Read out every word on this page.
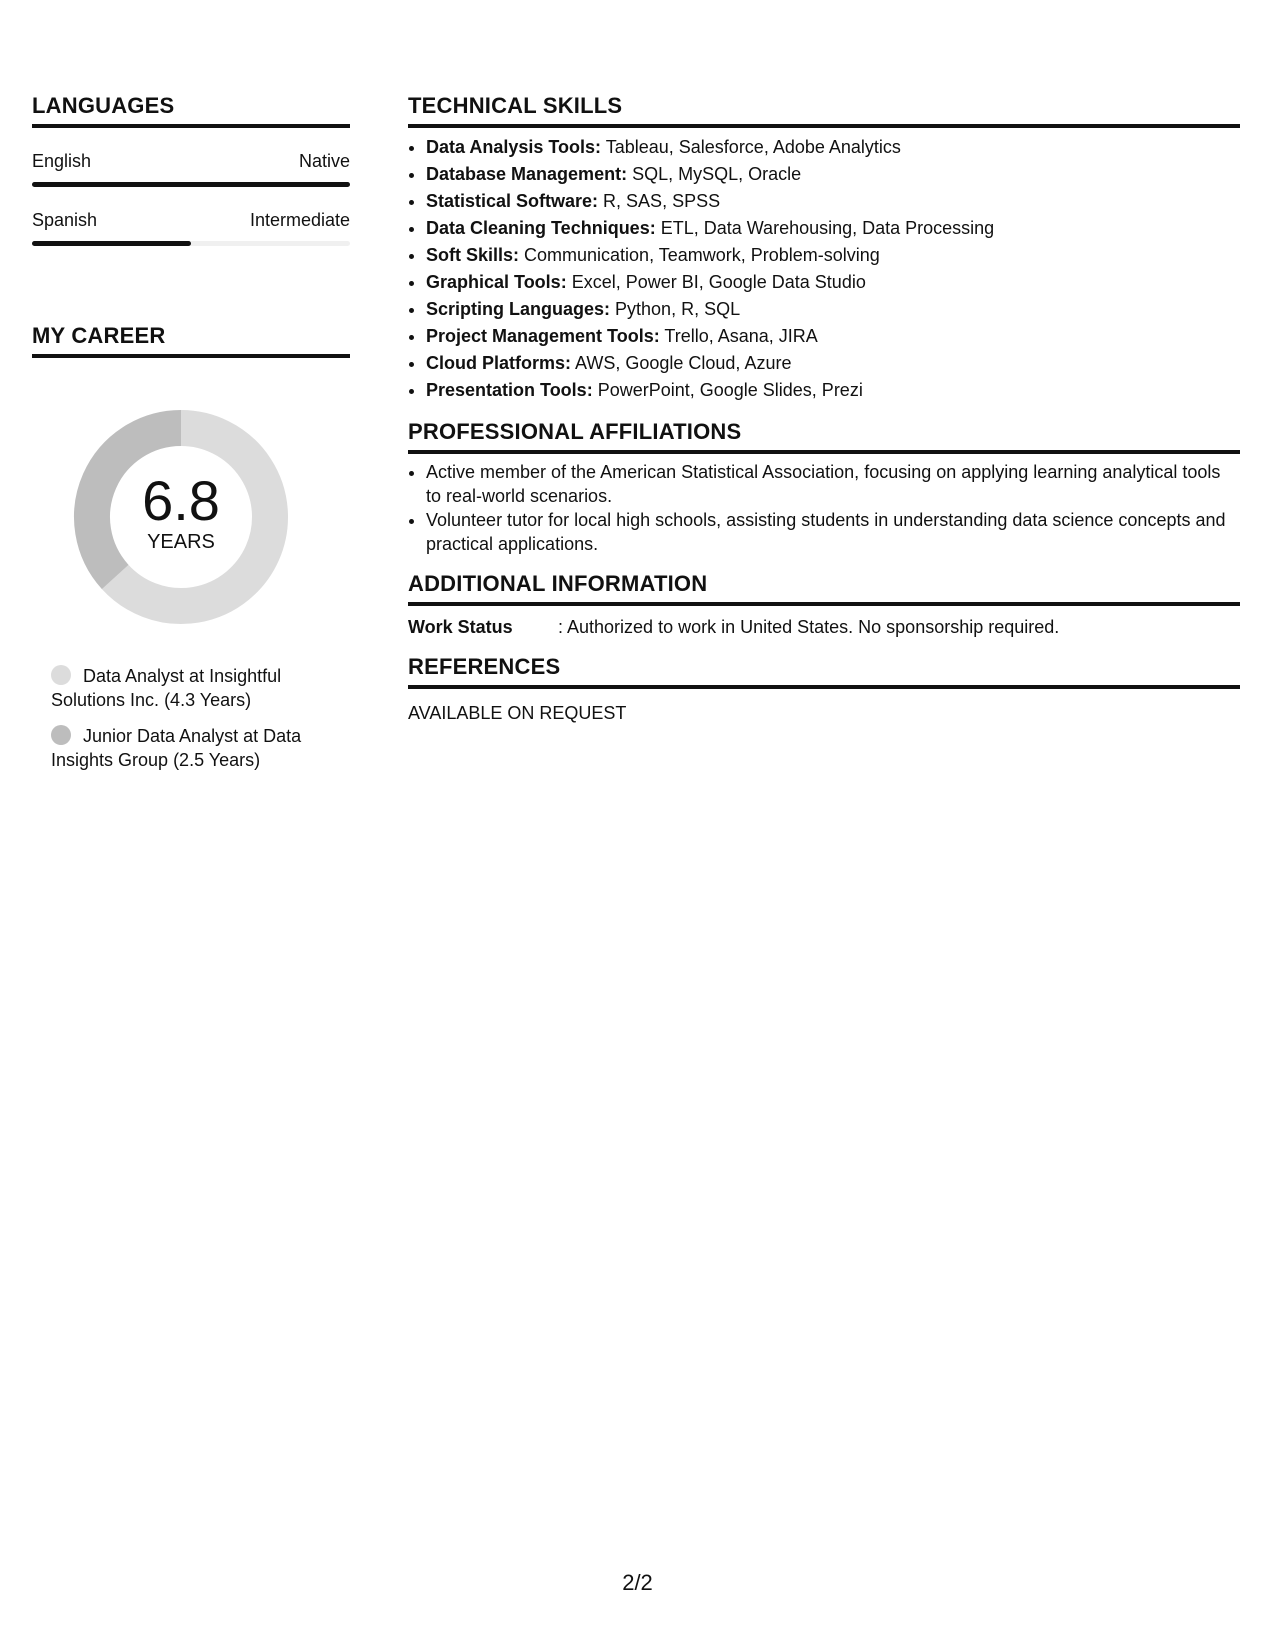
LANGUAGES
English	Native
Spanish	Intermediate
MY CAREER
6.8
YEARS
Data Analyst at Insightful Solutions Inc. (4.3 Years)
Junior Data Analyst at Data Insights Group (2.5 Years)
TECHNICAL SKILLS
• Data Analysis Tools: Tableau, Salesforce, Adobe Analytics
• Database Management: SQL, MySQL, Oracle
• Statistical Software: R, SAS, SPSS
• Data Cleaning Techniques: ETL, Data Warehousing, Data Processing
• Soft Skills: Communication, Teamwork, Problem-solving
• Graphical Tools: Excel, Power BI, Google Data Studio
• Scripting Languages: Python, R, SQL
• Project Management Tools: Trello, Asana, JIRA
• Cloud Platforms: AWS, Google Cloud, Azure
• Presentation Tools: PowerPoint, Google Slides, Prezi
PROFESSIONAL AFFILIATIONS
• Active member of the American Statistical Association, focusing on applying learning analytical tools to real-world scenarios.
• Volunteer tutor for local high schools, assisting students in understanding data science concepts and practical applications.
ADDITIONAL INFORMATION
Work Status	: Authorized to work in United States. No sponsorship required.
REFERENCES
AVAILABLE ON REQUEST
2/2
